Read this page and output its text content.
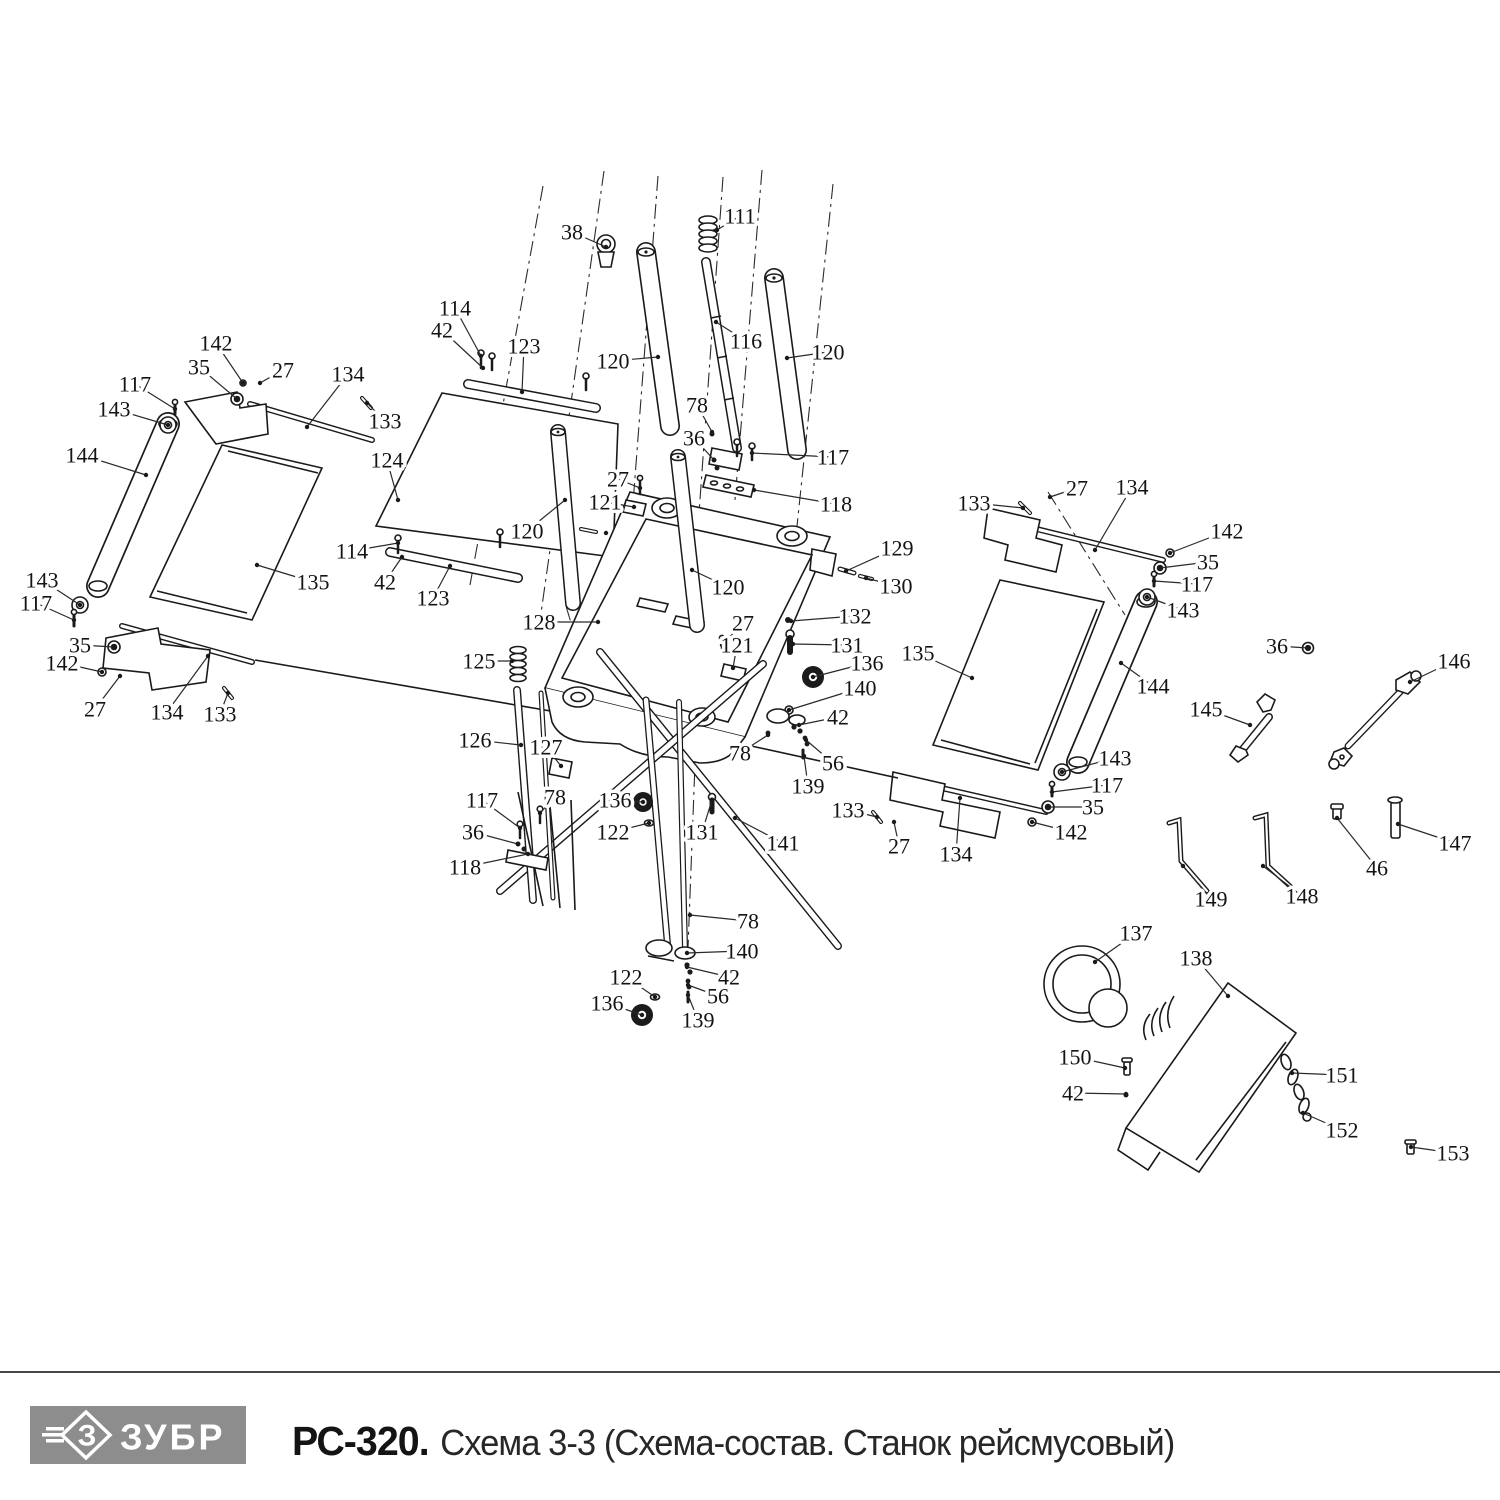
38
111
114
42
123
120
116 120
142
35	27 134
117
143	133
144	124
27
121
120
114
42
123
78
36
117
118
129
130
120
128	132
27
131
121
125	136
140
42
135
135
133
27 134
142
35
117
143
36
146
144
145
143
117
35
142
143
117
35
142
27 134 133
126 127	78	56
139
117 78 136
36	122	131 141
133
27 134
118
78
140
122	42
56
136
139
147
46
149	148
137
138
150
42
151
152
153
З ЗУБР РС-320. Схема 3-3 (Схема-состав. Станок рейсмусовый)
